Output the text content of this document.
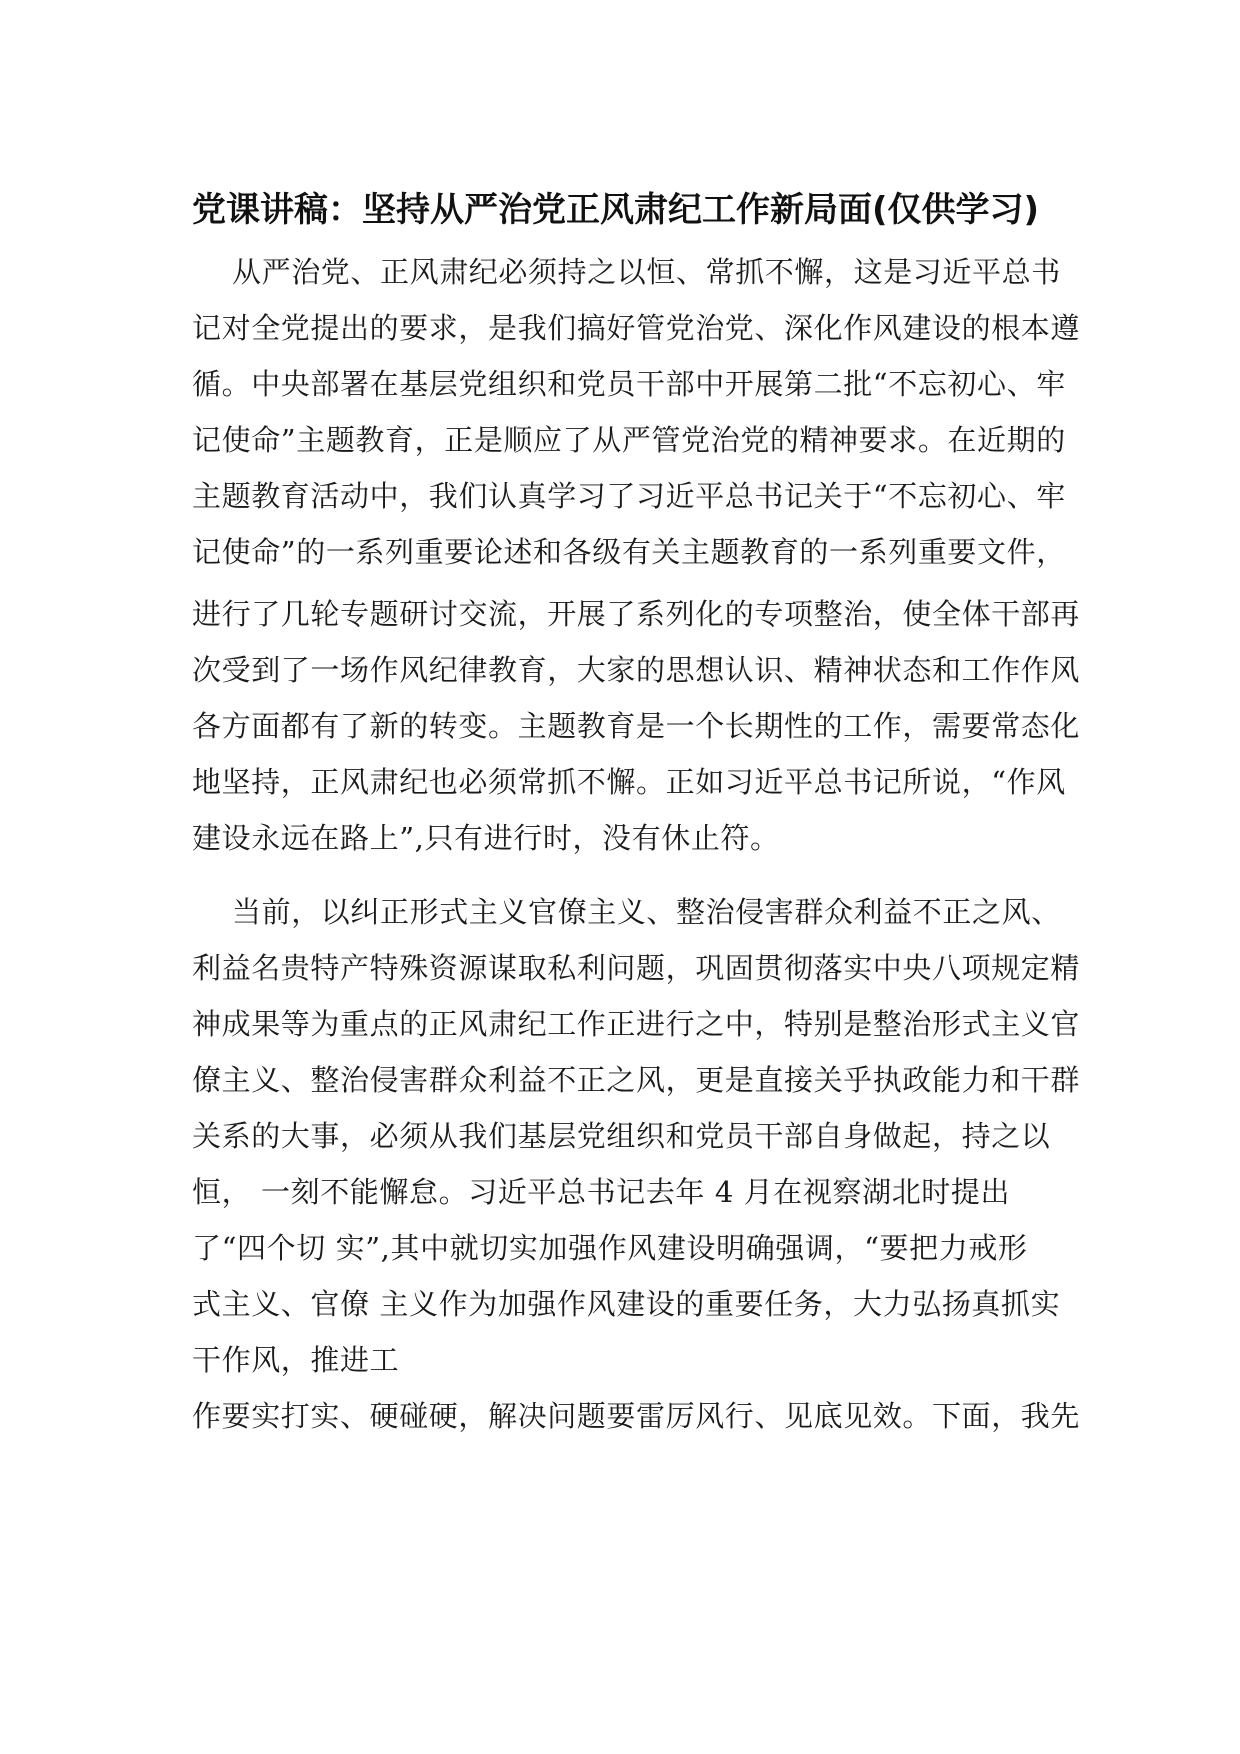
党课讲稿：坚持从严治党正风肃纪工作新局面(仅供学习)
从严治党、正风肃纪必须持之以恒、常抓不懈，这是习近平总书
记对全党提出的要求，是我们搞好管党治党、深化作风建设的根本遵
循。中央部署在基层党组织和党员干部中开展第二批“不忘初心、牢
记使命”主题教育，正是顺应了从严管党治党的精神要求。在近期的
主题教育活动中，我们认真学习了习近平总书记关于“不忘初心、牢
记使命”的一系列重要论述和各级有关主题教育的一系列重要文件，
进行了几轮专题研讨交流，开展了系列化的专项整治，使全体干部再
次受到了一场作风纪律教育，大家的思想认识、精神状态和工作作风
各方面都有了新的转变。主题教育是一个长期性的工作，需要常态化
地坚持，正风肃纪也必须常抓不懈。正如习近平总书记所说，“作风
建设永远在路上”,只有进行时，没有休止符。
当前，以纠正形式主义官僚主义、整治侵害群众利益不正之风、
利益名贵特产特殊资源谋取私利问题，巩固贯彻落实中央八项规定精
神成果等为重点的正风肃纪工作正进行之中，特别是整治形式主义官
僚主义、整治侵害群众利益不正之风，更是直接关乎执政能力和干群
关系的大事，必须从我们基层党组织和党员干部自身做起，持之以
恒， 一刻不能懈怠。习近平总书记去年 4 月在视察湖北时提出
了“四个切 实”,其中就切实加强作风建设明确强调，“要把力戒形
式主义、官僚 主义作为加强作风建设的重要任务，大力弘扬真抓实
干作风，推进工
作要实打实、硬碰硬，解决问题要雷厉风行、见底见效。下面，我先
